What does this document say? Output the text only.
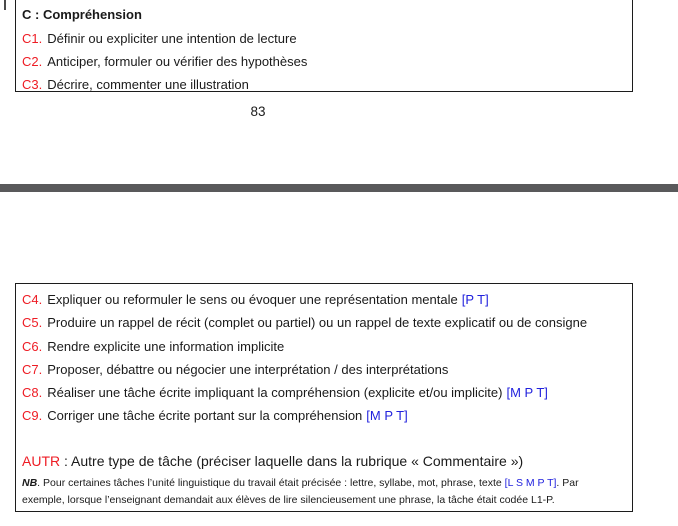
C : Compréhension
C1. Définir ou expliciter une intention de lecture
C2. Anticiper, formuler ou vérifier des hypothèses
C3. Décrire, commenter une illustration
83
C4. Expliquer ou reformuler le sens ou évoquer une représentation mentale [P T]
C5. Produire un rappel de récit (complet ou partiel) ou un rappel de texte explicatif ou de consigne
C6. Rendre explicite une information implicite
C7. Proposer, débattre ou négocier une interprétation / des interprétations
C8. Réaliser une tâche écrite impliquant la compréhension (explicite et/ou implicite) [M P T]
C9. Corriger une tâche écrite portant sur la compréhension [M P T]
AUTR : Autre type de tâche (préciser laquelle dans la rubrique « Commentaire »)
NB. Pour certaines tâches l’unité linguistique du travail était précisée : lettre, syllabe, mot, phrase, texte [L S M P T]. Par
exemple, lorsque l’enseignant demandait aux élèves de lire silencieusement une phrase, la tâche était codée L1-P.
